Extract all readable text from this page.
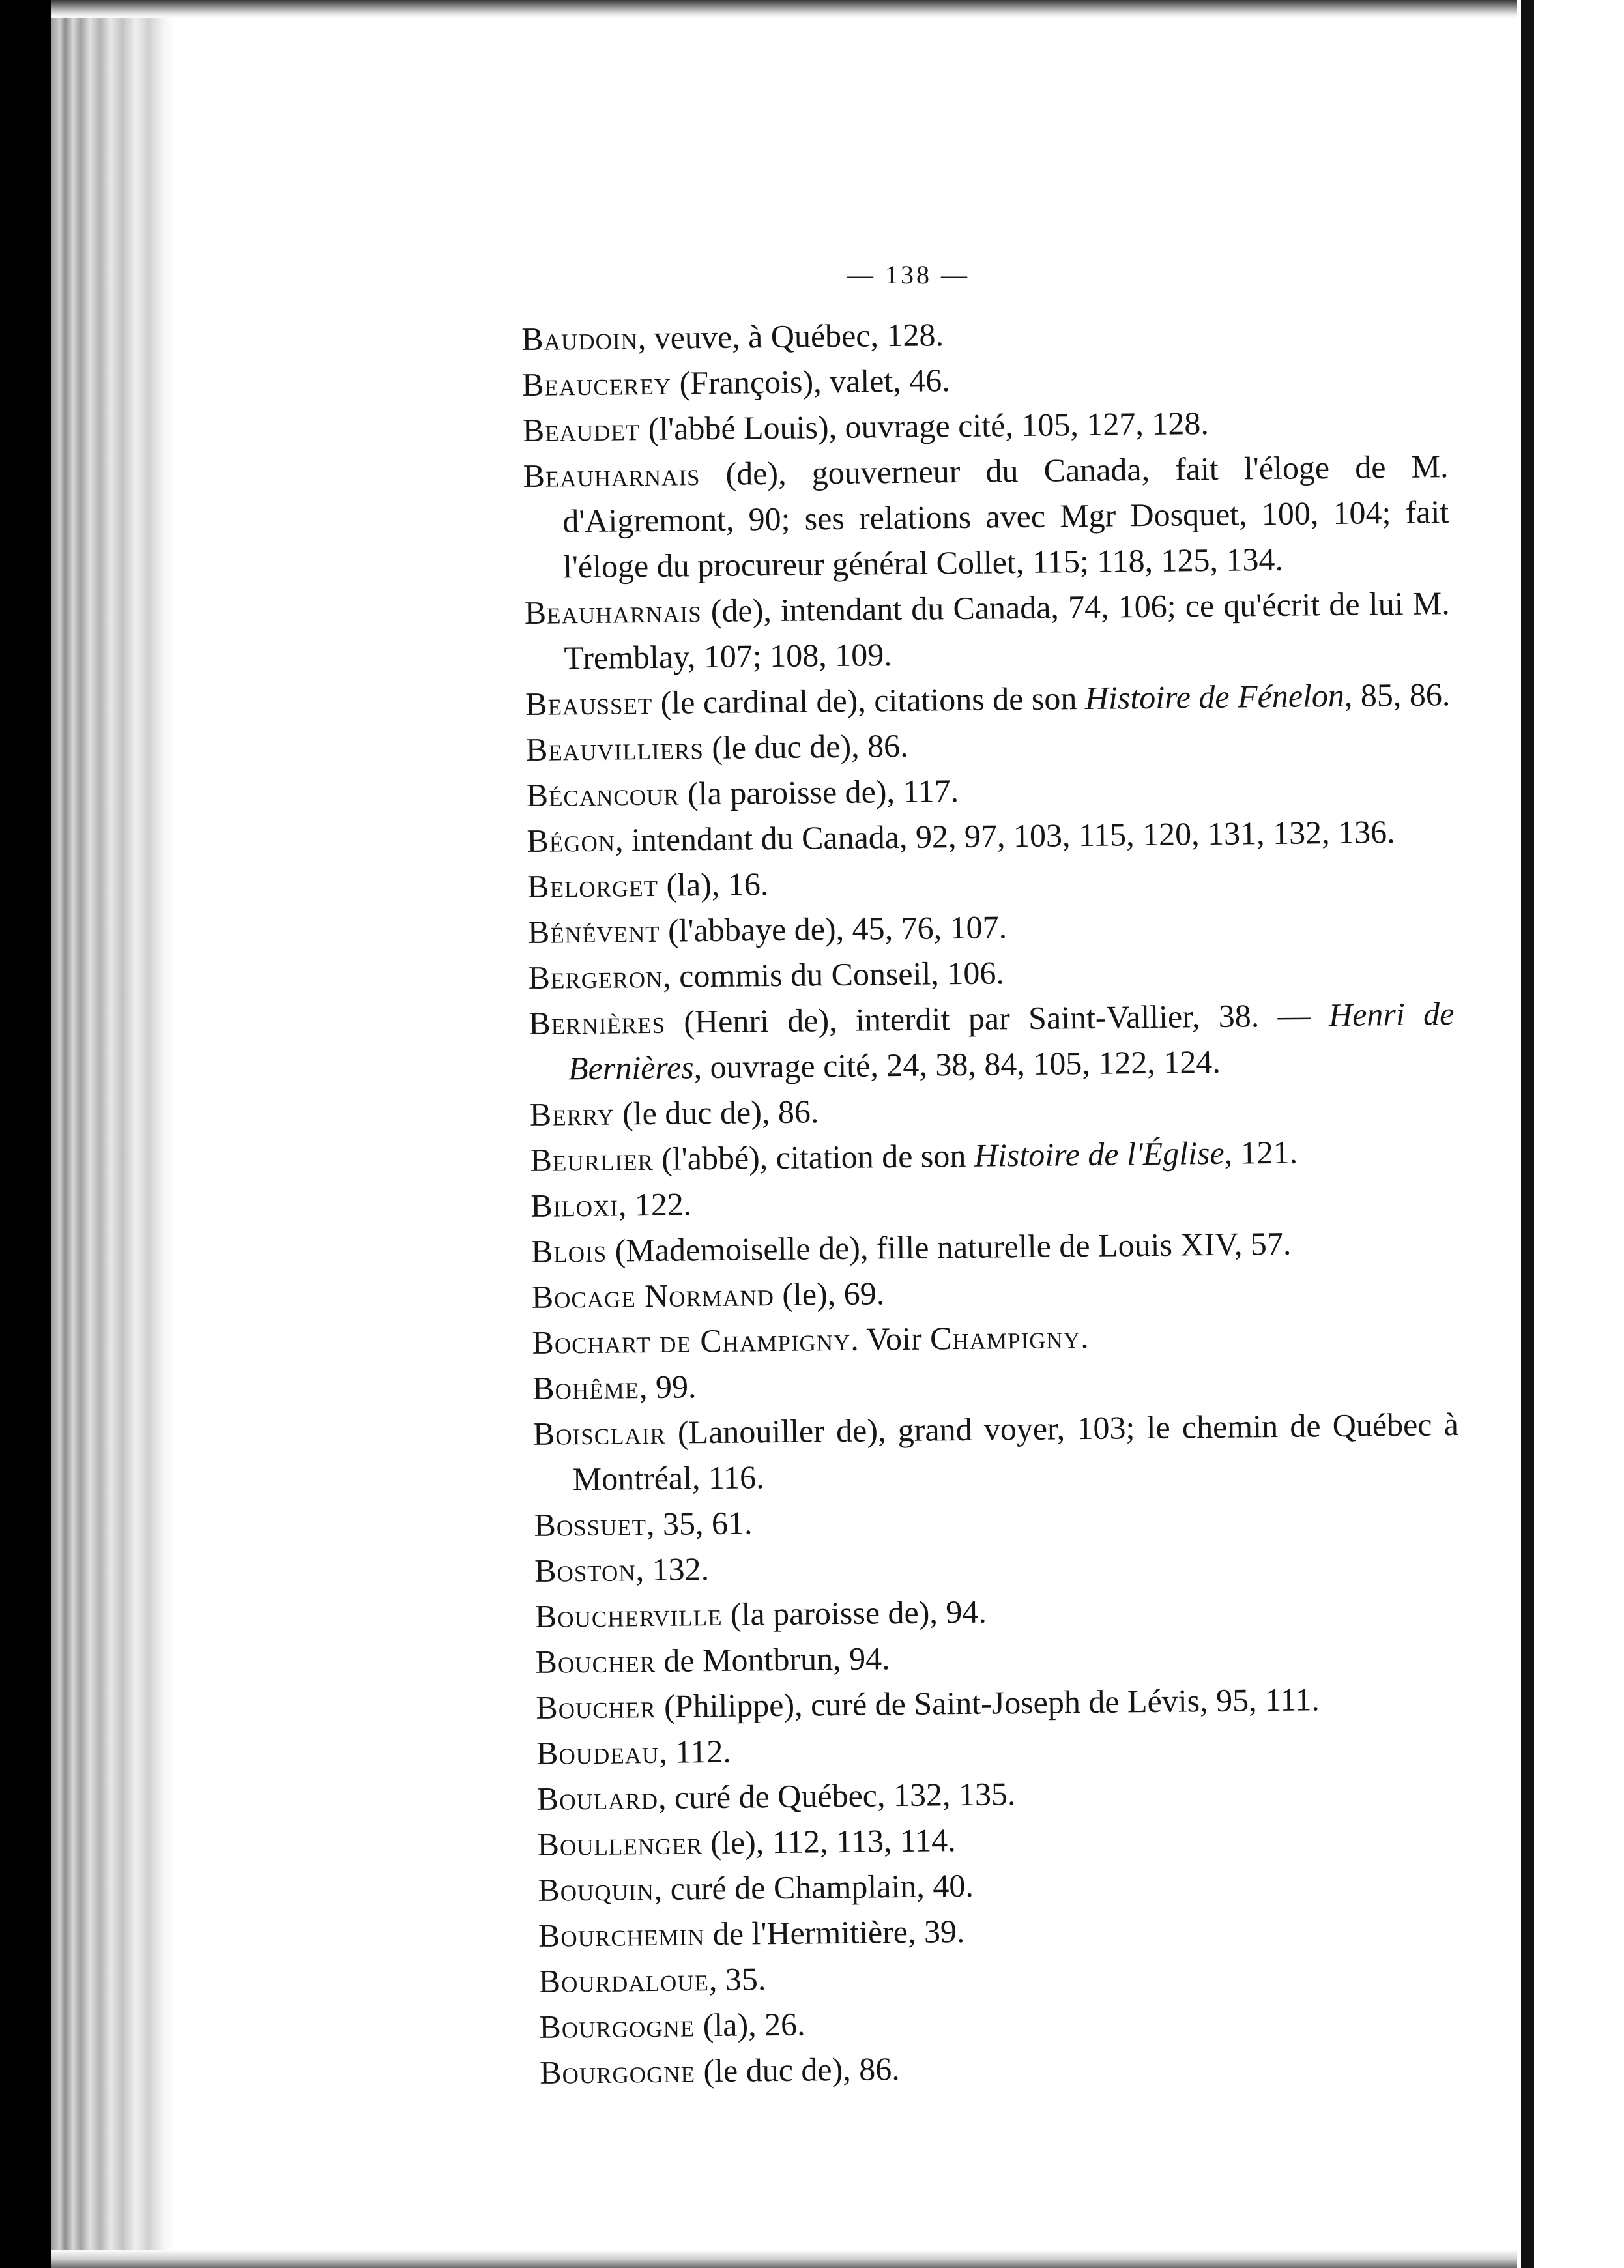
— 138 —
Baudoin, veuve, à Québec, 128.
Beaucerey (François), valet, 46.
Beaudet (l'abbé Louis), ouvrage cité, 105, 127, 128.
Beauharnais (de), gouverneur du Canada, fait l'éloge de M. d'Aigremont, 90; ses relations avec Mgr Dosquet, 100, 104; fait l'éloge du procureur général Collet, 115; 118, 125, 134.
Beauharnais (de), intendant du Canada, 74, 106; ce qu'écrit de lui M. Tremblay, 107; 108, 109.
Beausset (le cardinal de), citations de son Histoire de Fénelon, 85, 86.
Beauvilliers (le duc de), 86.
Bécancour (la paroisse de), 117.
Bégon, intendant du Canada, 92, 97, 103, 115, 120, 131, 132, 136.
Belorget (la), 16.
Bénévent (l'abbaye de), 45, 76, 107.
Bergeron, commis du Conseil, 106.
Bernières (Henri de), interdit par Saint-Vallier, 38. — Henri de Bernières, ouvrage cité, 24, 38, 84, 105, 122, 124.
Berry (le duc de), 86.
Beurlier (l'abbé), citation de son Histoire de l'Église, 121.
Biloxi, 122.
Blois (Mademoiselle de), fille naturelle de Louis XIV, 57.
Bocage Normand (le), 69.
Bochart de Champigny. Voir Champigny.
Bohême, 99.
Boisclair (Lanouiller de), grand voyer, 103; le chemin de Québec à Montréal, 116.
Bossuet, 35, 61.
Boston, 132.
Boucherville (la paroisse de), 94.
Boucher de Montbrun, 94.
Boucher (Philippe), curé de Saint-Joseph de Lévis, 95, 111.
Boudeau, 112.
Boulard, curé de Québec, 132, 135.
Boullenger (le), 112, 113, 114.
Bouquin, curé de Champlain, 40.
Bourchemin de l'Hermitière, 39.
Bourdaloue, 35.
Bourgogne (la), 26.
Bourgogne (le duc de), 86.
